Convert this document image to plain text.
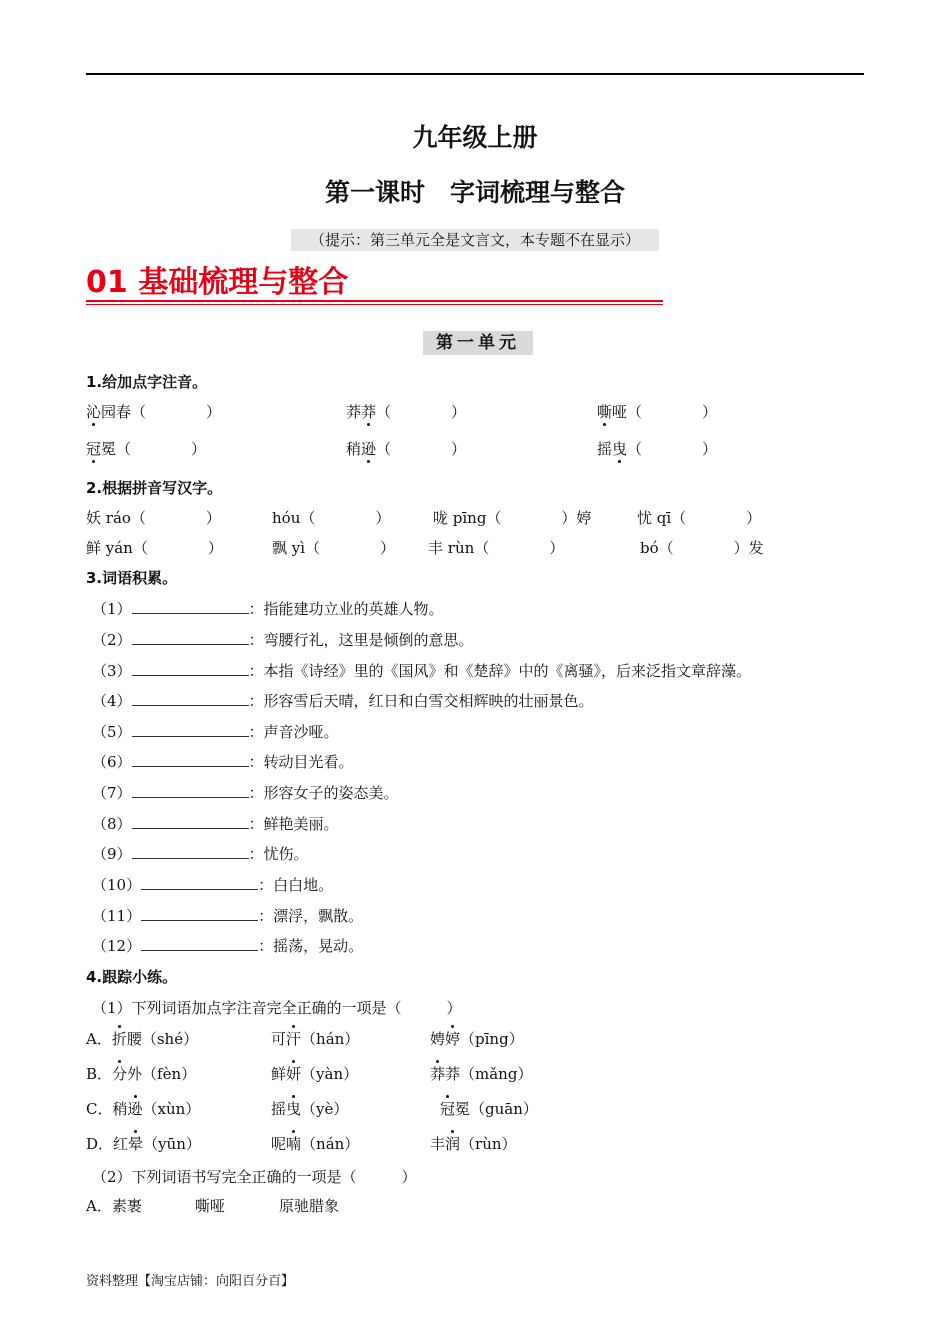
九年级上册
第一课时　字词梳理与整合
（提示：第三单元全是文言文，本专题不在显示）
01 基础梳理与整合
第一单元
1.给加点字注音。
沁园春（　　　　）	莽莽（　　　　）	嘶哑（　　　　）
冠冕（　　　　）	稍逊（　　　　）	摇曳（　　　　）
2.根据拼音写汉字。
妖 ráo（　　　　）	hóu（　　　　）	咙 pīng（　　　　）婷	忧 qī（　　　　）
鲜 yán（　　　　）	飘 yì（　　　　） 丰 rùn（　　　　）	bó（　　　　）发
3.词语积累。
（1）	：指能建功立业的英雄人物。
（2）	：弯腰行礼，这里是倾倒的意思。
（3）	：本指《诗经》里的《国风》和《楚辞》中的《离骚》，后来泛指文章辞藻。
（4）	：形容雪后天晴，红日和白雪交相辉映的壮丽景色。
（5）	：声音沙哑。
（6）	：转动目光看。
（7）	：形容女子的姿态美。
（8）	：鲜艳美丽。
（9）	：忧伤。
（10）	：白白地。
（11）	：漂浮，飘散。
（12）	：摇荡，晃动。
4.跟踪小练。
（1）下列词语加点字注音完全正确的一项是（　　　）
A．折腰（shé）	可汗（hán）	娉婷（pīng）
B．分外（fèn）	鲜妍（yàn）	莽莽（mǎng）
C．稍逊（xùn）	摇曳（yè）	冠冕（guān）
D．红晕（yūn）	呢喃（nán）	丰润（rùn）
（2）下列词语书写完全正确的一项是（　　　）
A．素裹	嘶哑	原驰腊象
资料整理【淘宝店铺：向阳百分百】
